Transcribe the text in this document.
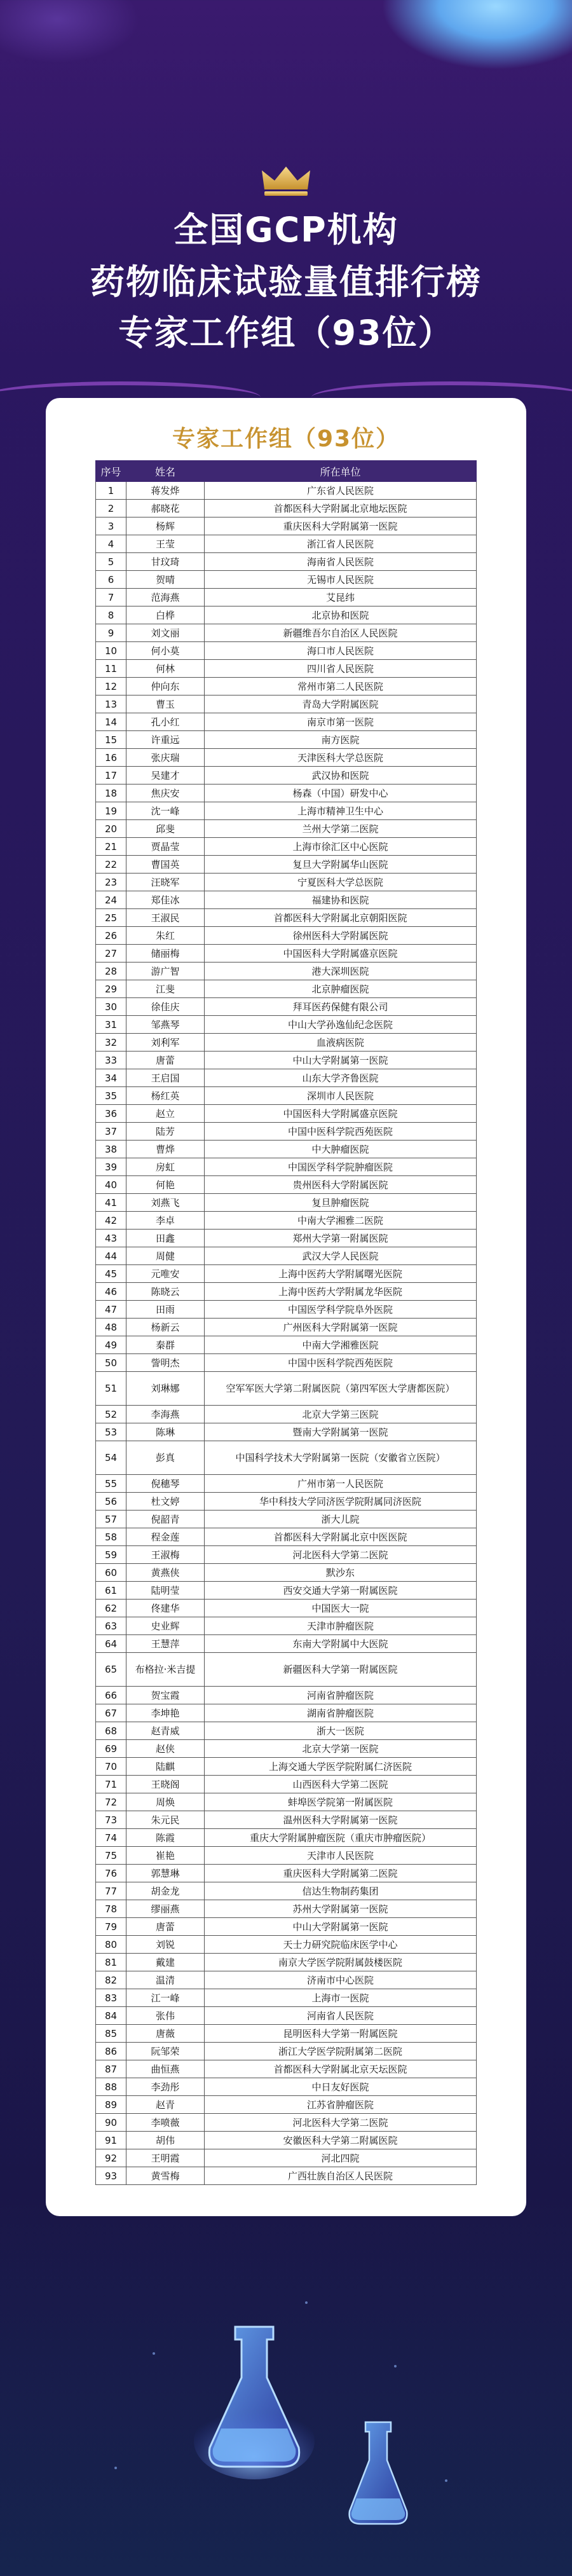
全国GCP机构
药物临床试验量值排行榜
专家工作组（93位）
专家工作组（93位）
序号	姓名	所在单位
1	蒋发烨	广东省人民医院
2	郝晓花	首都医科大学附属北京地坛医院
3	杨辉	重庆医科大学附属第一医院
4	王莹	浙江省人民医院
5	甘玟琦	海南省人民医院
6	贺晴	无锡市人民医院
7	范海燕	艾昆纬
8	白桦	北京协和医院
9	刘文丽	新疆维吾尔自治区人民医院
10	何小莫	海口市人民医院
11	何林	四川省人民医院
12	仲向东	常州市第二人民医院
13	曹玉	青岛大学附属医院
14	孔小红	南京市第一医院
15	许重远	南方医院
16	张庆瑞	天津医科大学总医院
17	吴建才	武汉协和医院
18	焦庆安	杨森（中国）研发中心
19	沈一峰	上海市精神卫生中心
20	邱斐	兰州大学第二医院
21	贾晶莹	上海市徐汇区中心医院
22	曹国英	复旦大学附属华山医院
23	汪晓军	宁夏医科大学总医院
24	郑佳冰	福建协和医院
25	王淑民	首都医科大学附属北京朝阳医院
26	朱红	徐州医科大学附属医院
27	储丽梅	中国医科大学附属盛京医院
28	游广智	港大深圳医院
29	江斐	北京肿瘤医院
30	徐佳庆	拜耳医药保健有限公司
31	邹燕琴	中山大学孙逸仙纪念医院
32	刘利军	血液病医院
33	唐蕾	中山大学附属第一医院
34	王启国	山东大学齐鲁医院
35	杨红英	深圳市人民医院
36	赵立	中国医科大学附属盛京医院
37	陆芳	中国中医科学院西苑医院
38	曹烨	中大肿瘤医院
39	房虹	中国医学科学院肿瘤医院
40	何艳	贵州医科大学附属医院
41	刘燕飞	复旦肿瘤医院
42	李卓	中南大学湘雅二医院
43	田鑫	郑州大学第一附属医院
44	周健	武汉大学人民医院
45	元唯安	上海中医药大学附属曙光医院
46	陈晓云	上海中医药大学附属龙华医院
47	田雨	中国医学科学院阜外医院
48	杨新云	广州医科大学附属第一医院
49	秦群	中南大学湘雅医院
50	訾明杰	中国中医科学院西苑医院
51	刘琳娜	空军军医大学第二附属医院（第四军医大学唐都医院）
52	李海燕	北京大学第三医院
53	陈琳	暨南大学附属第一医院
54	彭真	中国科学技术大学附属第一医院（安徽省立医院）
55	倪穗琴	广州市第一人民医院
56	杜文婷	华中科技大学同济医学院附属同济医院
57	倪韶青	浙大儿院
58	程金莲	首都医科大学附属北京中医医院
59	王淑梅	河北医科大学第二医院
60	黄燕侠	默沙东
61	陆明莹	西安交通大学第一附属医院
62	佟建华	中国医大一院
63	史业辉	天津市肿瘤医院
64	王慧萍	东南大学附属中大医院
65	布格拉·米吉提	新疆医科大学第一附属医院
66	贺宝霞	河南省肿瘤医院
67	李坤艳	湖南省肿瘤医院
68	赵青威	浙大一医院
69	赵侠	北京大学第一医院
70	陆麒	上海交通大学医学院附属仁济医院
71	王晓阁	山西医科大学第二医院
72	周焕	蚌埠医学院第一附属医院
73	朱元民	温州医科大学附属第一医院
74	陈霞	重庆大学附属肿瘤医院（重庆市肿瘤医院）
75	崔艳	天津市人民医院
76	郭慧琳	重庆医科大学附属第二医院
77	胡金龙	信达生物制药集团
78	缪丽燕	苏州大学附属第一医院
79	唐蕾	中山大学附属第一医院
80	刘锐	天士力研究院临床医学中心
81	戴建	南京大学医学院附属鼓楼医院
82	温清	济南市中心医院
83	江一峰	上海市一医院
84	张伟	河南省人民医院
85	唐薇	昆明医科大学第一附属医院
86	阮邹荣	浙江大学医学院附属第二医院
87	曲恒燕	首都医科大学附属北京天坛医院
88	李劲彤	中日友好医院
89	赵青	江苏省肿瘤医院
90	李喷薇	河北医科大学第二医院
91	胡伟	安徽医科大学第二附属医院
92	王明霞	河北四院
93	黄雪梅	广西壮族自治区人民医院
